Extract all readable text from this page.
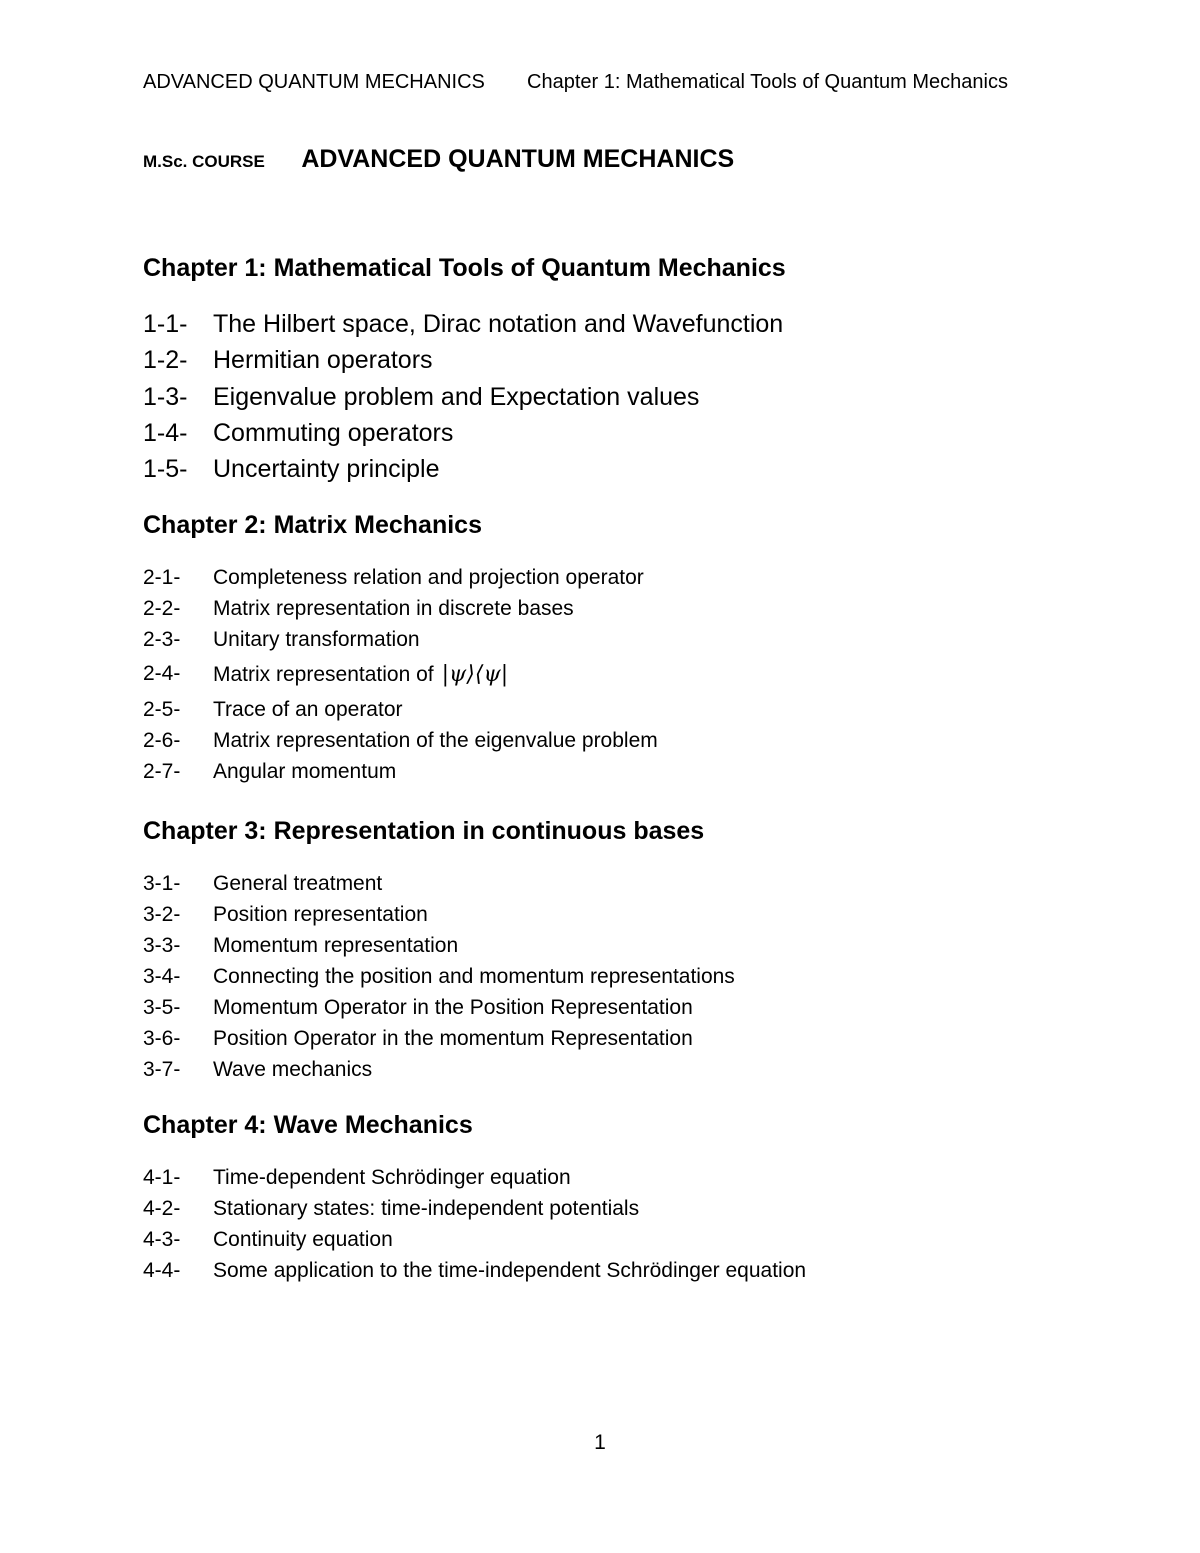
ADVANCED QUANTUM MECHANICS Chapter 1: Mathematical Tools of Quantum Mechanics
M.Sc. COURSE ADVANCED QUANTUM MECHANICS
Chapter 1: Mathematical Tools of Quantum Mechanics
1-1- The Hilbert space, Dirac notation and Wavefunction
1-2- Hermitian operators
1-3- Eigenvalue problem and Expectation values
1-4- Commuting operators
1-5- Uncertainty principle
Chapter 2: Matrix Mechanics
2-1- Completeness relation and projection operator
2-2- Matrix representation in discrete bases
2-3- Unitary transformation
2-4- Matrix representation of |ψ⟩⟨ψ|
2-5- Trace of an operator
2-6- Matrix representation of the eigenvalue problem
2-7- Angular momentum
Chapter 3: Representation in continuous bases
3-1- General treatment
3-2- Position representation
3-3- Momentum representation
3-4- Connecting the position and momentum representations
3-5- Momentum Operator in the Position Representation
3-6- Position Operator in the momentum Representation
3-7- Wave mechanics
Chapter 4: Wave Mechanics
4-1- Time-dependent Schrödinger equation
4-2- Stationary states: time-independent potentials
4-3- Continuity equation
4-4- Some application to the time-independent Schrödinger equation
1
